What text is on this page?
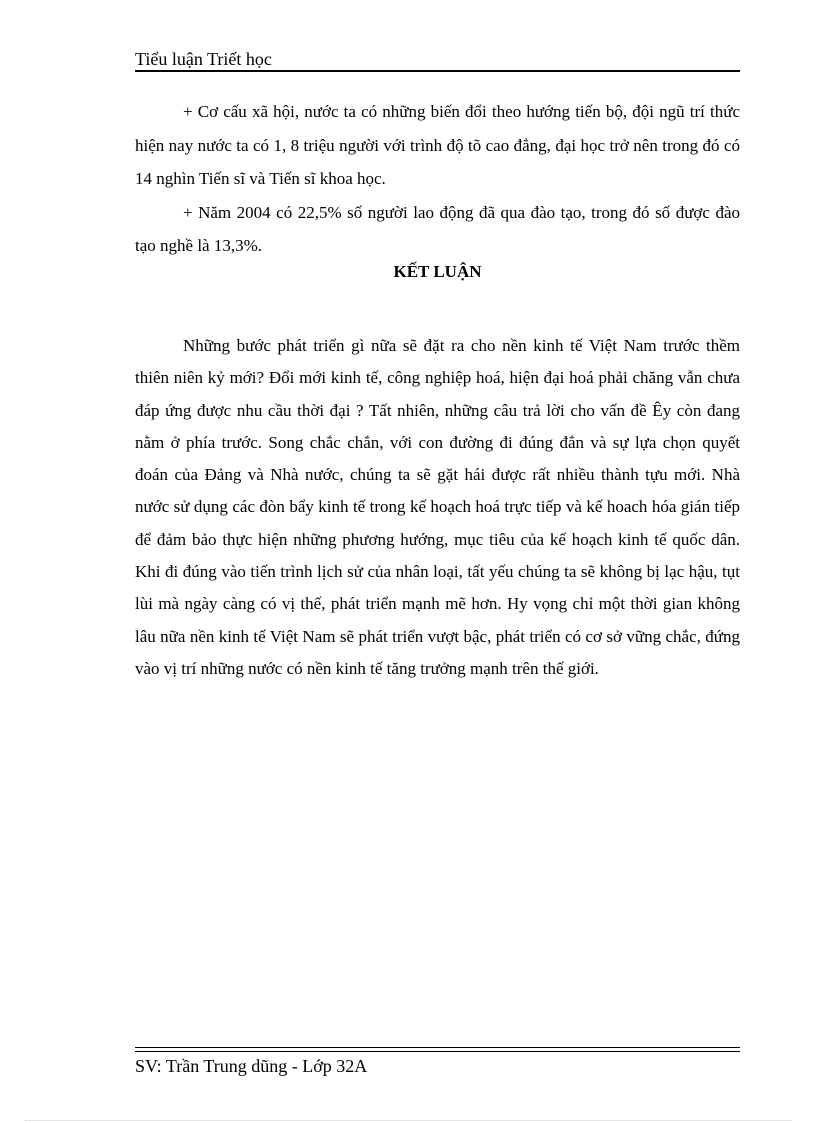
Tiểu luận Triết học

+ Cơ cấu xã hội, nước ta có những biến đổi theo hướng tiến bộ, đội ngũ trí thức hiện nay nước ta có 1, 8 triệu người với trình độ tõ cao đẳng, đại học trở nên trong đó có 14 nghìn Tiến sĩ và Tiến sĩ khoa học.

+ Năm 2004 có 22,5% số người lao động đã qua đào tạo, trong đó số được đào tạo nghề là 13,3%.

KẾT LUẬN

Những bước phát triển gì nữa sẽ đặt ra cho nền kinh tế Việt Nam trước thềm thiên niên kỷ mới? Đổi mới kinh tế, công nghiệp hoá, hiện đại hoá phải chăng vẫn chưa đáp ứng được nhu cầu thời đại ? Tất nhiên, những câu trả lời cho vấn đề Êy còn đang nằm ở phía trước. Song chắc chắn, với con đường đi đúng đắn và sự lựa chọn quyết đoán của Đảng và Nhà nước, chúng ta sẽ gặt hái được rất nhiều thành tựu mới. Nhà nước sử dụng các đòn bẩy kinh tế trong kế hoạch hoá trực tiếp và kế hoach hóa gián tiếp để đảm bảo thực hiện những phương hướng, mục tiêu của kế hoạch kinh tế quốc dân. Khi đi đúng vào tiến trình lịch sử của nhân loại, tất yếu chúng ta sẽ không bị lạc hậu, tụt lùi mà ngày càng có vị thế, phát triển mạnh mẽ hơn. Hy vọng chỉ một thời gian không lâu nữa nền kinh tế Việt Nam sẽ phát triển vượt bậc, phát triển có cơ sở vững chắc, đứng vào vị trí những nước có nền kinh tế tăng trưởng mạnh trên thế giới.

SV: Trần Trung dũng - Lớp 32A
